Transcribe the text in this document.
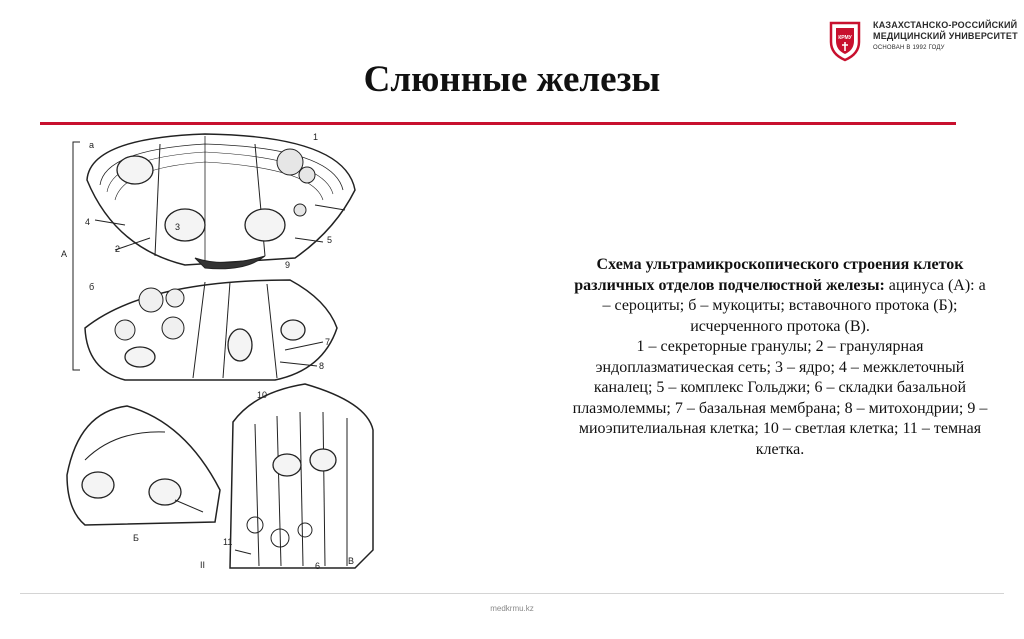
КРМУ
КАЗАХСТАНСКО-РОССИЙСКИЙ
МЕДИЦИНСКИЙ УНИВЕРСИТЕТ
ОСНОВАН В 1992 ГОДУ
Слюнные железы
А
а
б
Б
В
II
1
2
3
4
5
6
7
8
9
10
11
Схема ультрамикроскопического строения клеток различных отделов подчелюстной железы: ацинуса (А): а – сероциты; б – мукоциты; вставочного протока (Б); исчерченного протока (В).
1 – секреторные гранулы; 2 – гранулярная эндоплазматическая сеть; 3 – ядро; 4 – межклеточный каналец; 5 – комплекс Гольджи; 6 – складки базальной плазмолеммы; 7 – базальная мембрана; 8 – митохондрии; 9 – миоэпителиальная клетка; 10 – светлая клетка; 11 – темная клетка.
medkrmu.kz
